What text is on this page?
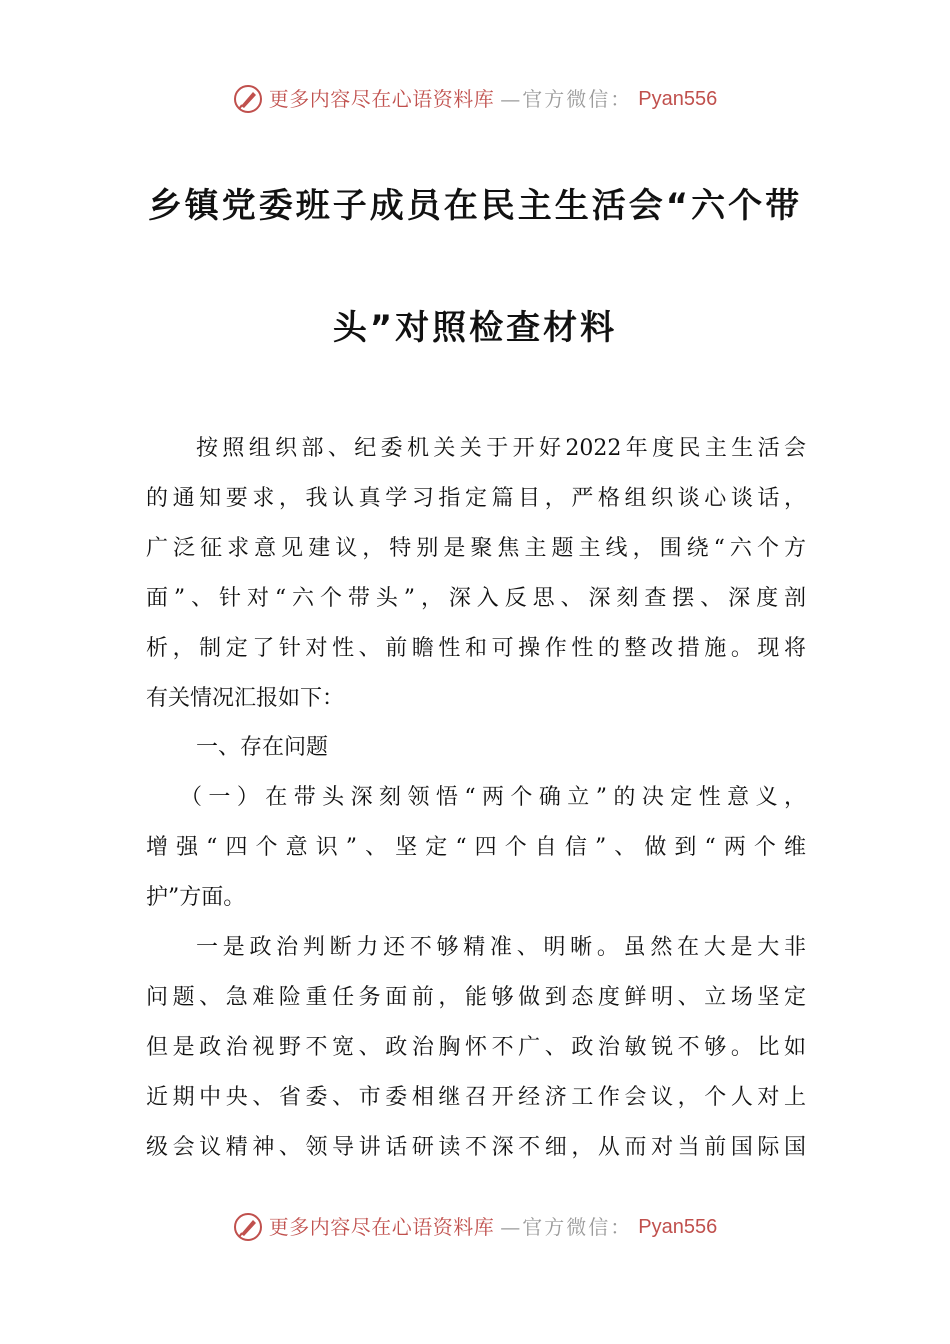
更多内容尽在心语资料库 —官方微信： Pyan556
乡镇党委班子成员在民主生活会“六个带
头”对照检查材料
按照组织部、纪委机关关于开好2022年度民主生活会
的通知要求，我认真学习指定篇目，严格组织谈心谈话，
广泛征求意见建议，特别是聚焦主题主线，围绕“六个方
面”、针对“六个带头”，深入反思、深刻查摆、深度剖
析，制定了针对性、前瞻性和可操作性的整改措施。现将
有关情况汇报如下：
一、存在问题
（一）在带头深刻领悟“两个确立”的决定性意义，
增强“四个意识”、坚定“四个自信”、做到“两个维
护”方面。
一是政治判断力还不够精准、明晰。虽然在大是大非
问题、急难险重任务面前，能够做到态度鲜明、立场坚定
但是政治视野不宽、政治胸怀不广、政治敏锐不够。比如
近期中央、省委、市委相继召开经济工作会议，个人对上
级会议精神、领导讲话研读不深不细，从而对当前国际国
更多内容尽在心语资料库 —官方微信： Pyan556
